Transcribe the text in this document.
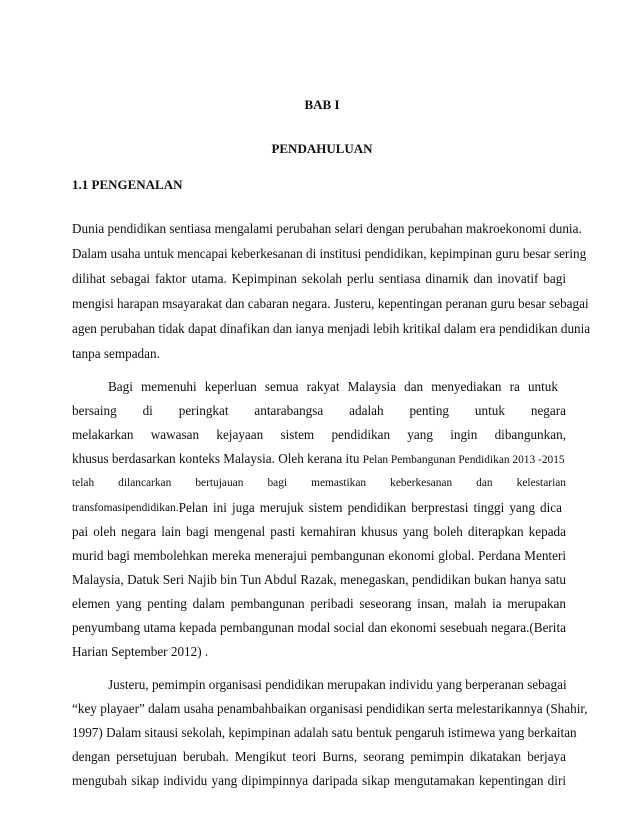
BAB I
PENDAHULUAN
1.1 PENGENALAN
Dunia pendidikan sentiasa mengalami perubahan selari dengan perubahan makroekonomi dunia.
Dalam usaha untuk mencapai keberkesanan di institusi pendidikan, kepimpinan guru besar sering
dilihat sebagai faktor utama. Kepimpinan sekolah perlu sentiasa dinamik dan inovatif bagi
mengisi harapan msayarakat dan cabaran negara. Justeru, kepentingan peranan guru besar sebagai
agen perubahan tidak dapat dinafikan dan ianya menjadi lebih kritikal dalam era pendidikan dunia
tanpa sempadan.
Bagi memenuhi keperluan semua rakyat Malaysia dan menyediakan ra untuk
bersaing di peringkat antarabangsa adalah penting untuk negara
melakarkan wawasan kejayaan sistem pendidikan yang ingin dibangunkan,
khusus berdasarkan konteks Malaysia. Oleh kerana itu Pelan Pembangunan Pendidikan 2013 -2015
telah dilancarkan bertujauan bagi memastikan keberkesanan dan kelestarian
transfomasipendidikan. Pelan ini juga merujuk sistem pendidikan berprestasi tinggi yang dica
pai oleh negara lain bagi mengenal pasti kemahiran khusus yang boleh diterapkan kepada
murid bagi membolehkan mereka menerajui pembangunan ekonomi global. Perdana Menteri
Malaysia, Datuk Seri Najib bin Tun Abdul Razak, menegaskan, pendidikan bukan hanya satu
elemen yang penting dalam pembangunan peribadi seseorang insan, malah ia merupakan
penyumbang utama kepada pembangunan modal social dan ekonomi sesebuah negara.(Berita
Harian September 2012) .
Justeru, pemimpin organisasi pendidikan merupakan individu yang berperanan sebagai
“key playaer” dalam usaha penambahbaikan organisasi pendidikan serta melestarikannya (Shahir,
1997) Dalam sitausi sekolah, kepimpinan adalah satu bentuk pengaruh istimewa yang berkaitan
dengan persetujuan berubah. Mengikut teori Burns, seorang pemimpin dikatakan berjaya
mengubah sikap individu yang dipimpinnya daripada sikap mengutamakan kepentingan diri
